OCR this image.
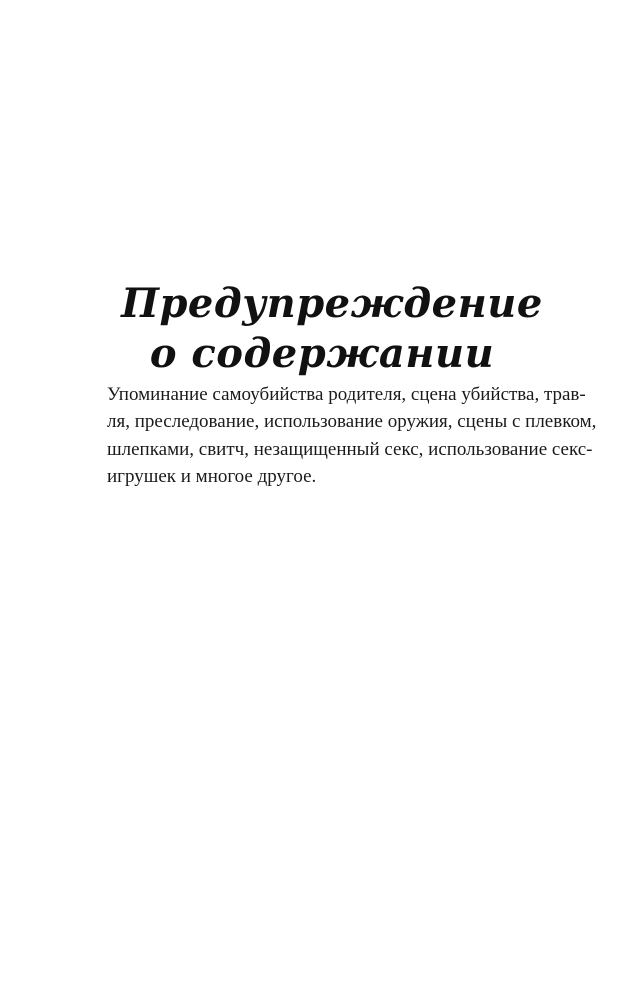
Предупреждение
о содержании
Упоминание самоубийства родителя, сцена убийства, трав-
ля, преследование, использование оружия, сцены с плевком,
шлепками, свитч, незащищенный секс, использование секс-
игрушек и многое другое.
